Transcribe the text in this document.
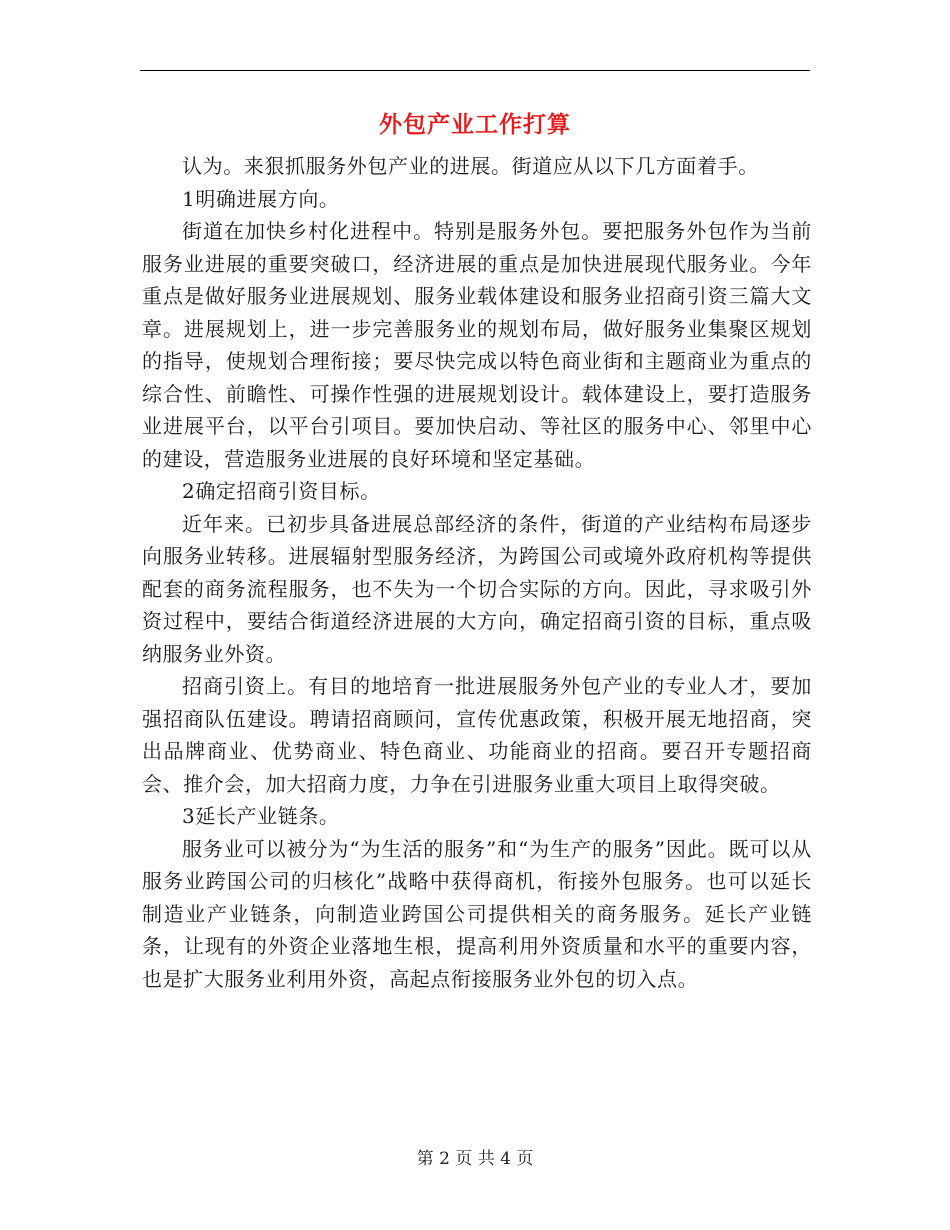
外包产业工作打算

认为。来狠抓服务外包产业的进展。街道应从以下几方面着手。

1明确进展方向。

街道在加快乡村化进程中。特别是服务外包。要把服务外包作为当前服务业进展的重要突破口，经济进展的重点是加快进展现代服务业。今年重点是做好服务业进展规划、服务业载体建设和服务业招商引资三篇大文章。进展规划上，进一步完善服务业的规划布局，做好服务业集聚区规划的指导，使规划合理衔接；要尽快完成以特色商业街和主题商业为重点的综合性、前瞻性、可操作性强的进展规划设计。载体建设上，要打造服务业进展平台，以平台引项目。要加快启动、等社区的服务中心、邻里中心的建设，营造服务业进展的良好环境和坚定基础。

2确定招商引资目标。

近年来。已初步具备进展总部经济的条件，街道的产业结构布局逐步向服务业转移。进展辐射型服务经济，为跨国公司或境外政府机构等提供配套的商务流程服务，也不失为一个切合实际的方向。因此，寻求吸引外资过程中，要结合街道经济进展的大方向，确定招商引资的目标，重点吸纳服务业外资。

招商引资上。有目的地培育一批进展服务外包产业的专业人才，要加强招商队伍建设。聘请招商顾问，宣传优惠政策，积极开展无地招商，突出品牌商业、优势商业、特色商业、功能商业的招商。要召开专题招商会、推介会，加大招商力度，力争在引进服务业重大项目上取得突破。

3延长产业链条。

服务业可以被分为“为生活的服务”和“为生产的服务”因此。既可以从服务业跨国公司的归核化”战略中获得商机，衔接外包服务。也可以延长制造业产业链条，向制造业跨国公司提供相关的商务服务。延长产业链条，让现有的外资企业落地生根，提高利用外资质量和水平的重要内容，也是扩大服务业利用外资，高起点衔接服务业外包的切入点。

第 2 页 共 4 页
